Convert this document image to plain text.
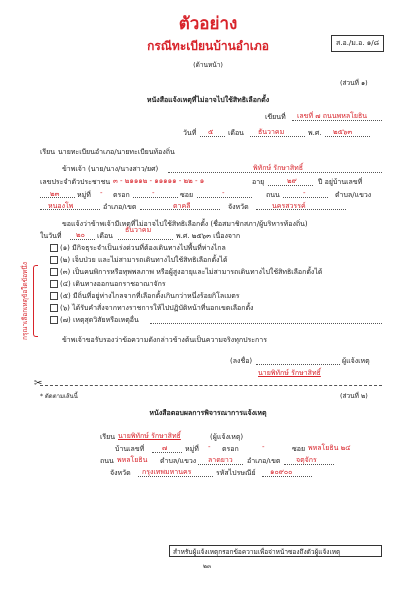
ตัวอย่าง
กรณีทะเบียนบ้านอำเภอ
(ด้านหน้า)
ส.อ./ม.อ. ๑/๘
(ส่วนที่ ๑)
หนังสือแจ้งเหตุที่ไม่อาจไปใช้สิทธิเลือกตั้ง
เขียนที่ เลขที่ ๗ ถนนพหลโยธิน
วันที่ ๕ เดือน ธันวาคม	พ.ศ. ๒๕๖๓
เรียน นายทะเบียนอำเภอ/นายทะเบียนท้องถิ่น
ข้าพเจ้า (นาย/นาง/นางสาว/ยศ)	พิทักษ์ รักษาสิทธิ์
เลขประจำตัวประชาชน ๓ - ๒๑๑๑๒ - ๑๑๑๑๑ - ๒๒ - ๑	อายุ	๒๙	ปี อยู่บ้านเลขที่
๒๓	หมู่ที่ - ตรอก	-	ซอย	-	ถนน	-	ตำบล/แขวง
หนองโพ	อำเภอ/เขต	ตาคลี	จังหวัด	นครสวรรค์
ขอแจ้งว่าข้าพเจ้ามีเหตุที่ไม่อาจไปใช้สิทธิเลือกตั้ง (ชื่อสมาชิกสภา/ผู้บริหารท้องถิ่น)
ในวันที่ ๒๐ เดือน
ธันวาคม
พ.ศ. ๒๕๖๓ เนื่องจาก
กรุณาเลือกเหตุข้อใดข้อหนึ่ง
(๑) มีกิจธุระจำเป็นเร่งด่วนที่ต้องเดินทางไปพื้นที่ห่างไกล
(๒) เจ็บป่วย และไม่สามารถเดินทางไปใช้สิทธิเลือกตั้งได้
(๓) เป็นคนพิการหรือทุพพลภาพ หรือผู้สูงอายุและไม่สามารถเดินทางไปใช้สิทธิเลือกตั้งได้
(๔) เดินทางออกนอกราชอาณาจักร
(๕) มีถิ่นที่อยู่ห่างไกลจากที่เลือกตั้งเกินกว่าหนึ่งร้อยกิโลเมตร
(๖) ได้รับคำสั่งจากทางราชการให้ไปปฏิบัติหน้าที่นอกเขตเลือกตั้ง
(๗) เหตุสุดวิสัยหรือเหตุอื่น
ข้าพเจ้าขอรับรองว่าข้อความดังกล่าวข้างต้นเป็นความจริงทุกประการ
(ลงชื่อ)	ผู้แจ้งเหตุ
นายพิทักษ์ รักษาสิทธิ์
✂
* ตัดตามเส้นนี้	(ส่วนที่ ๒)
หนังสือตอบผลการพิจารณาการแจ้งเหตุ
เรียน นายพิทักษ์ รักษาสิทธิ์	(ผู้แจ้งเหตุ)
บ้านเลขที่	๗	หมู่ที่ - ตรอก	-	ซอย พหลโยธิน ๒๔
ถนน พหลโยธิน ตำบล/แขวง ลาดยาว อำเภอ/เขต จตุจักร
จังหวัด กรุงเทพมหานคร	รหัสไปรษณีย์ ๑๐๙๐๐
สำหรับผู้แจ้งเหตุกรอกข้อความเพื่อจ่าหน้าซองถึงตัวผู้แจ้งเหตุ
๒๓
